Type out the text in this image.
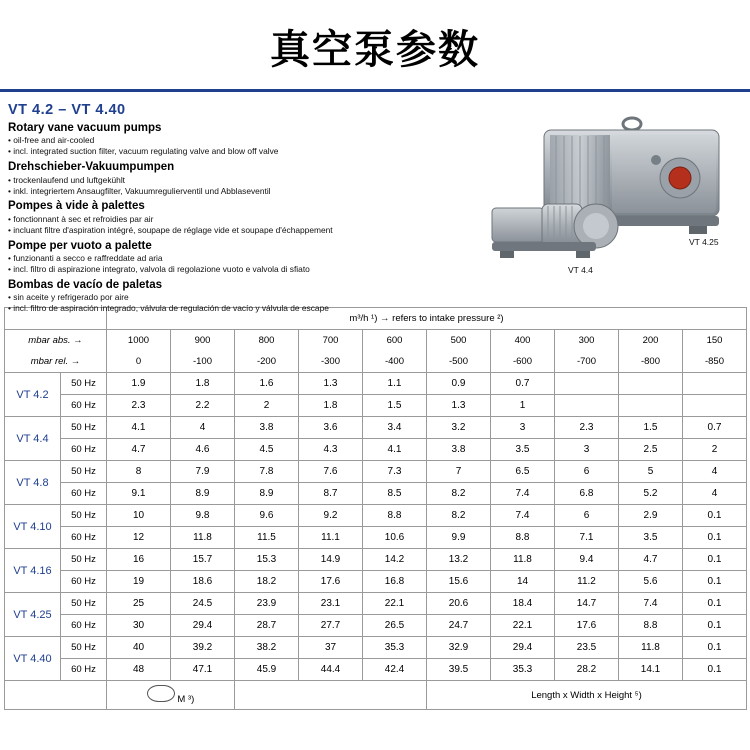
真空泵参数
VT 4.2 – VT 4.40
Rotary vane vacuum pumps
• oil-free and air-cooled
• incl. integrated suction filter, vacuum regulating valve and blow off valve
Drehschieber-Vakuumpumpen
• trockenlaufend und luftgekühlt
• inkl. integriertem Ansaugfilter, Vakuumregulierventil und Abblaseventil
Pompes à vide à palettes
• fonctionnant à sec et refroidies par air
• incluant filtre d'aspiration intégré, soupape de réglage vide et soupape d'échappement
Pompe per vuoto a palette
• funzionanti a secco e raffreddate ad aria
• incl. filtro di aspirazione integrato, valvola di regolazione vuoto e valvola di sfiato
Bombas de vacío de paletas
• sin aceite y refrigerado por aire
• incl. filtro de aspiración integrado, válvula de regulación de vacío y válvula de escape
VT 4.25
VT 4.4
		m³/h ¹) → refers to intake pressure ²)									
mbar abs. →		1000	900	800	700	600	500	400	300	200	150
mbar rel. →		0	-100	-200	-300	-400	-500	-600	-700	-800	-850
VT 4.2	50 Hz	1.9	1.8	1.6	1.3	1.1	0.9	0.7			
	60 Hz	2.3	2.2	2	1.8	1.5	1.3	1			
VT 4.4	50 Hz	4.1	4	3.8	3.6	3.4	3.2	3	2.3	1.5	0.7
	60 Hz	4.7	4.6	4.5	4.3	4.1	3.8	3.5	3	2.5	2
VT 4.8	50 Hz	8	7.9	7.8	7.6	7.3	7	6.5	6	5	4
	60 Hz	9.1	8.9	8.9	8.7	8.5	8.2	7.4	6.8	5.2	4
VT 4.10	50 Hz	10	9.8	9.6	9.2	8.8	8.2	7.4	6	2.9	0.1
	60 Hz	12	11.8	11.5	11.1	10.6	9.9	8.8	7.1	3.5	0.1
VT 4.16	50 Hz	16	15.7	15.3	14.9	14.2	13.2	11.8	9.4	4.7	0.1
	60 Hz	19	18.6	18.2	17.6	16.8	15.6	14	11.2	5.6	0.1
VT 4.25	50 Hz	25	24.5	23.9	23.1	22.1	20.6	18.4	14.7	7.4	0.1
	60 Hz	30	29.4	28.7	27.7	26.5	24.7	22.1	17.6	8.8	0.1
VT 4.40	50 Hz	40	39.2	38.2	37	35.3	32.9	29.4	23.5	11.8	0.1
	60 Hz	48	47.1	45.9	44.4	42.4	39.5	35.3	28.2	14.1	0.1
	M ³)		Length x Width x Height ⁵)
